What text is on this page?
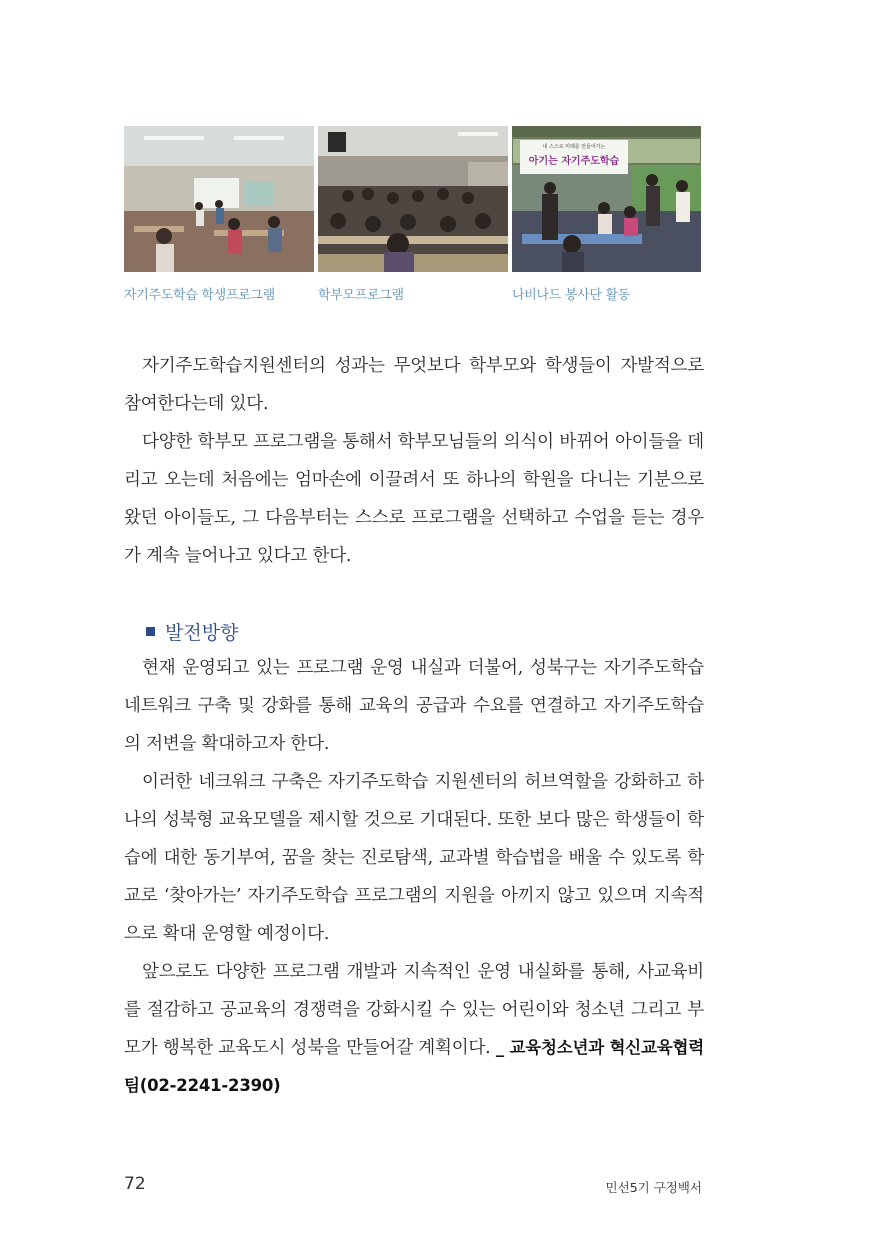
내 스스로 미래를 만들어가는
아기는 자기주도학습
자기주도학습 학생프로그램	학부모프로그램	나비나드 봉사단 활동

자기주도학습지원센터의 성과는 무엇보다 학부모와 학생들이 자발적으로 참여한다는데 있다.

다양한 학부모 프로그램을 통해서 학부모님들의 의식이 바뀌어 아이들을 데리고 오는데 처음에는 엄마손에 이끌려서 또 하나의 학원을 다니는 기분으로 왔던 아이들도, 그 다음부터는 스스로 프로그램을 선택하고 수업을 듣는 경우가 계속 늘어나고 있다고 한다.

발전방향

현재 운영되고 있는 프로그램 운영 내실과 더불어, 성북구는 자기주도학습 네트워크 구축 및 강화를 통해 교육의 공급과 수요를 연결하고 자기주도학습의 저변을 확대하고자 한다.

이러한 네크워크 구축은 자기주도학습 지원센터의 허브역할을 강화하고 하나의 성북형 교육모델을 제시할 것으로 기대된다. 또한 보다 많은 학생들이 학습에 대한 동기부여, 꿈을 찾는 진로탐색, 교과별 학습법을 배울 수 있도록 학교로 ‘찾아가는’ 자기주도학습 프로그램의 지원을 아끼지 않고 있으며 지속적으로 확대 운영할 예정이다.

앞으로도 다양한 프로그램 개발과 지속적인 운영 내실화를 통해, 사교육비를 절감하고 공교육의 경쟁력을 강화시킬 수 있는 어린이와 청소년 그리고 부모가 행복한 교육도시 성북을 만들어갈 계획이다. _ 교육청소년과 혁신교육협력팀(02-2241-2390)

72	민선5기 구정백서
